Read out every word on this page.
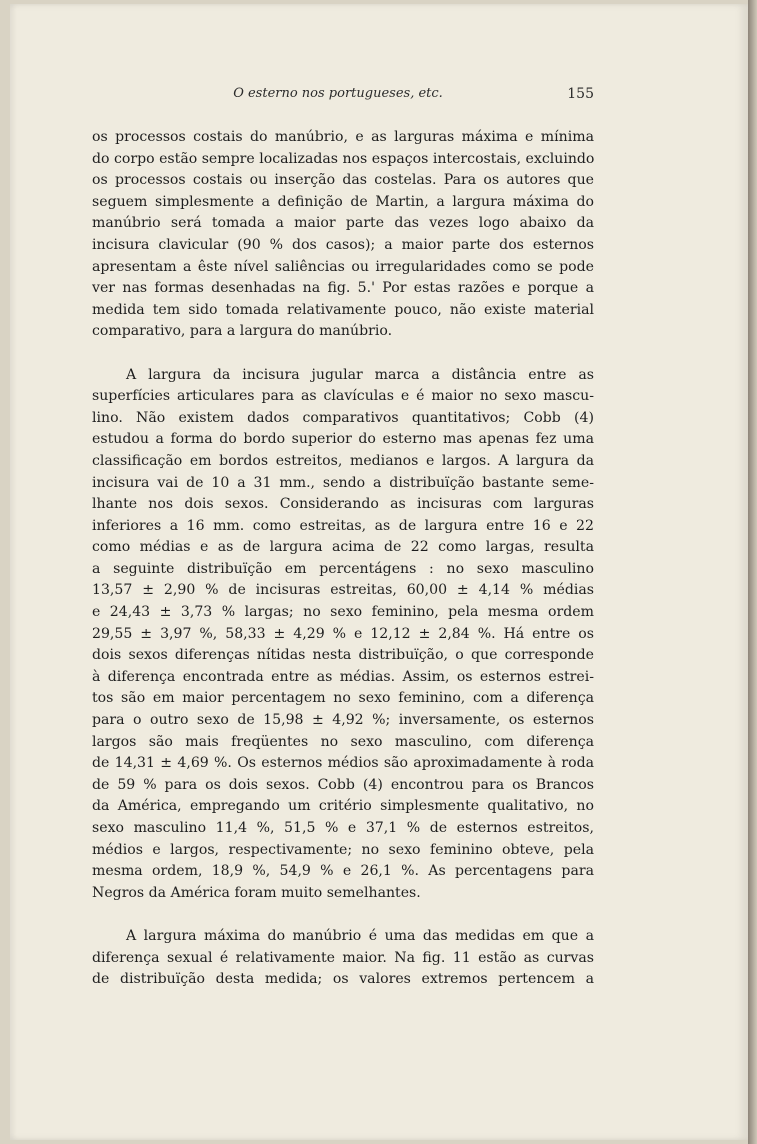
O esterno nos portugueses, etc.	155

os processos costais do manúbrio, e as larguras máxima e mínima
do corpo estão sempre localizadas nos espaços intercostais, excluindo
os processos costais ou inserção das costelas. Para os autores que
seguem simplesmente a definição de Martin, a largura máxima do
manúbrio será tomada a maior parte das vezes logo abaixo da
incisura clavicular (90 % dos casos); a maior parte dos esternos
apresentam a êste nível saliências ou irregularidades como se pode
ver nas formas desenhadas na fig. 5.' Por estas razões e porque a
medida tem sido tomada relativamente pouco, não existe material
comparativo, para a largura do manúbrio.

A largura da incisura jugular marca a distância entre as
superfícies articulares para as clavículas e é maior no sexo mascu-
lino. Não existem dados comparativos quantitativos; Cobb (4)
estudou a forma do bordo superior do esterno mas apenas fez uma
classificação em bordos estreitos, medianos e largos. A largura da
incisura vai de 10 a 31 mm., sendo a distribuïção bastante seme-
lhante nos dois sexos. Considerando as incisuras com larguras
inferiores a 16 mm. como estreitas, as de largura entre 16 e 22
como médias e as de largura acima de 22 como largas, resulta
a seguinte distribuïção em percentágens : no sexo masculino
13,57 ± 2,90 % de incisuras estreitas, 60,00 ± 4,14 % médias
e 24,43 ± 3,73 % largas; no sexo feminino, pela mesma ordem
29,55 ± 3,97 %, 58,33 ± 4,29 % e 12,12 ± 2,84 %. Há entre os
dois sexos diferenças nítidas nesta distribuïção, o que corresponde
à diferença encontrada entre as médias. Assim, os esternos estrei-
tos são em maior percentagem no sexo feminino, com a diferença
para o outro sexo de 15,98 ± 4,92 %; inversamente, os esternos
largos são mais freqüentes no sexo masculino, com diferença
de 14,31 ± 4,69 %. Os esternos médios são aproximadamente à roda
de 59 % para os dois sexos. Cobb (4) encontrou para os Brancos
da América, empregando um critério simplesmente qualitativo, no
sexo masculino 11,4 %, 51,5 % e 37,1 % de esternos estreitos,
médios e largos, respectivamente; no sexo feminino obteve, pela
mesma ordem, 18,9 %, 54,9 % e 26,1 %. As percentagens para
Negros da América foram muito semelhantes.

A largura máxima do manúbrio é uma das medidas em que a
diferença sexual é relativamente maior. Na fig. 11 estão as curvas
de distribuïção desta medida; os valores extremos pertencem a
